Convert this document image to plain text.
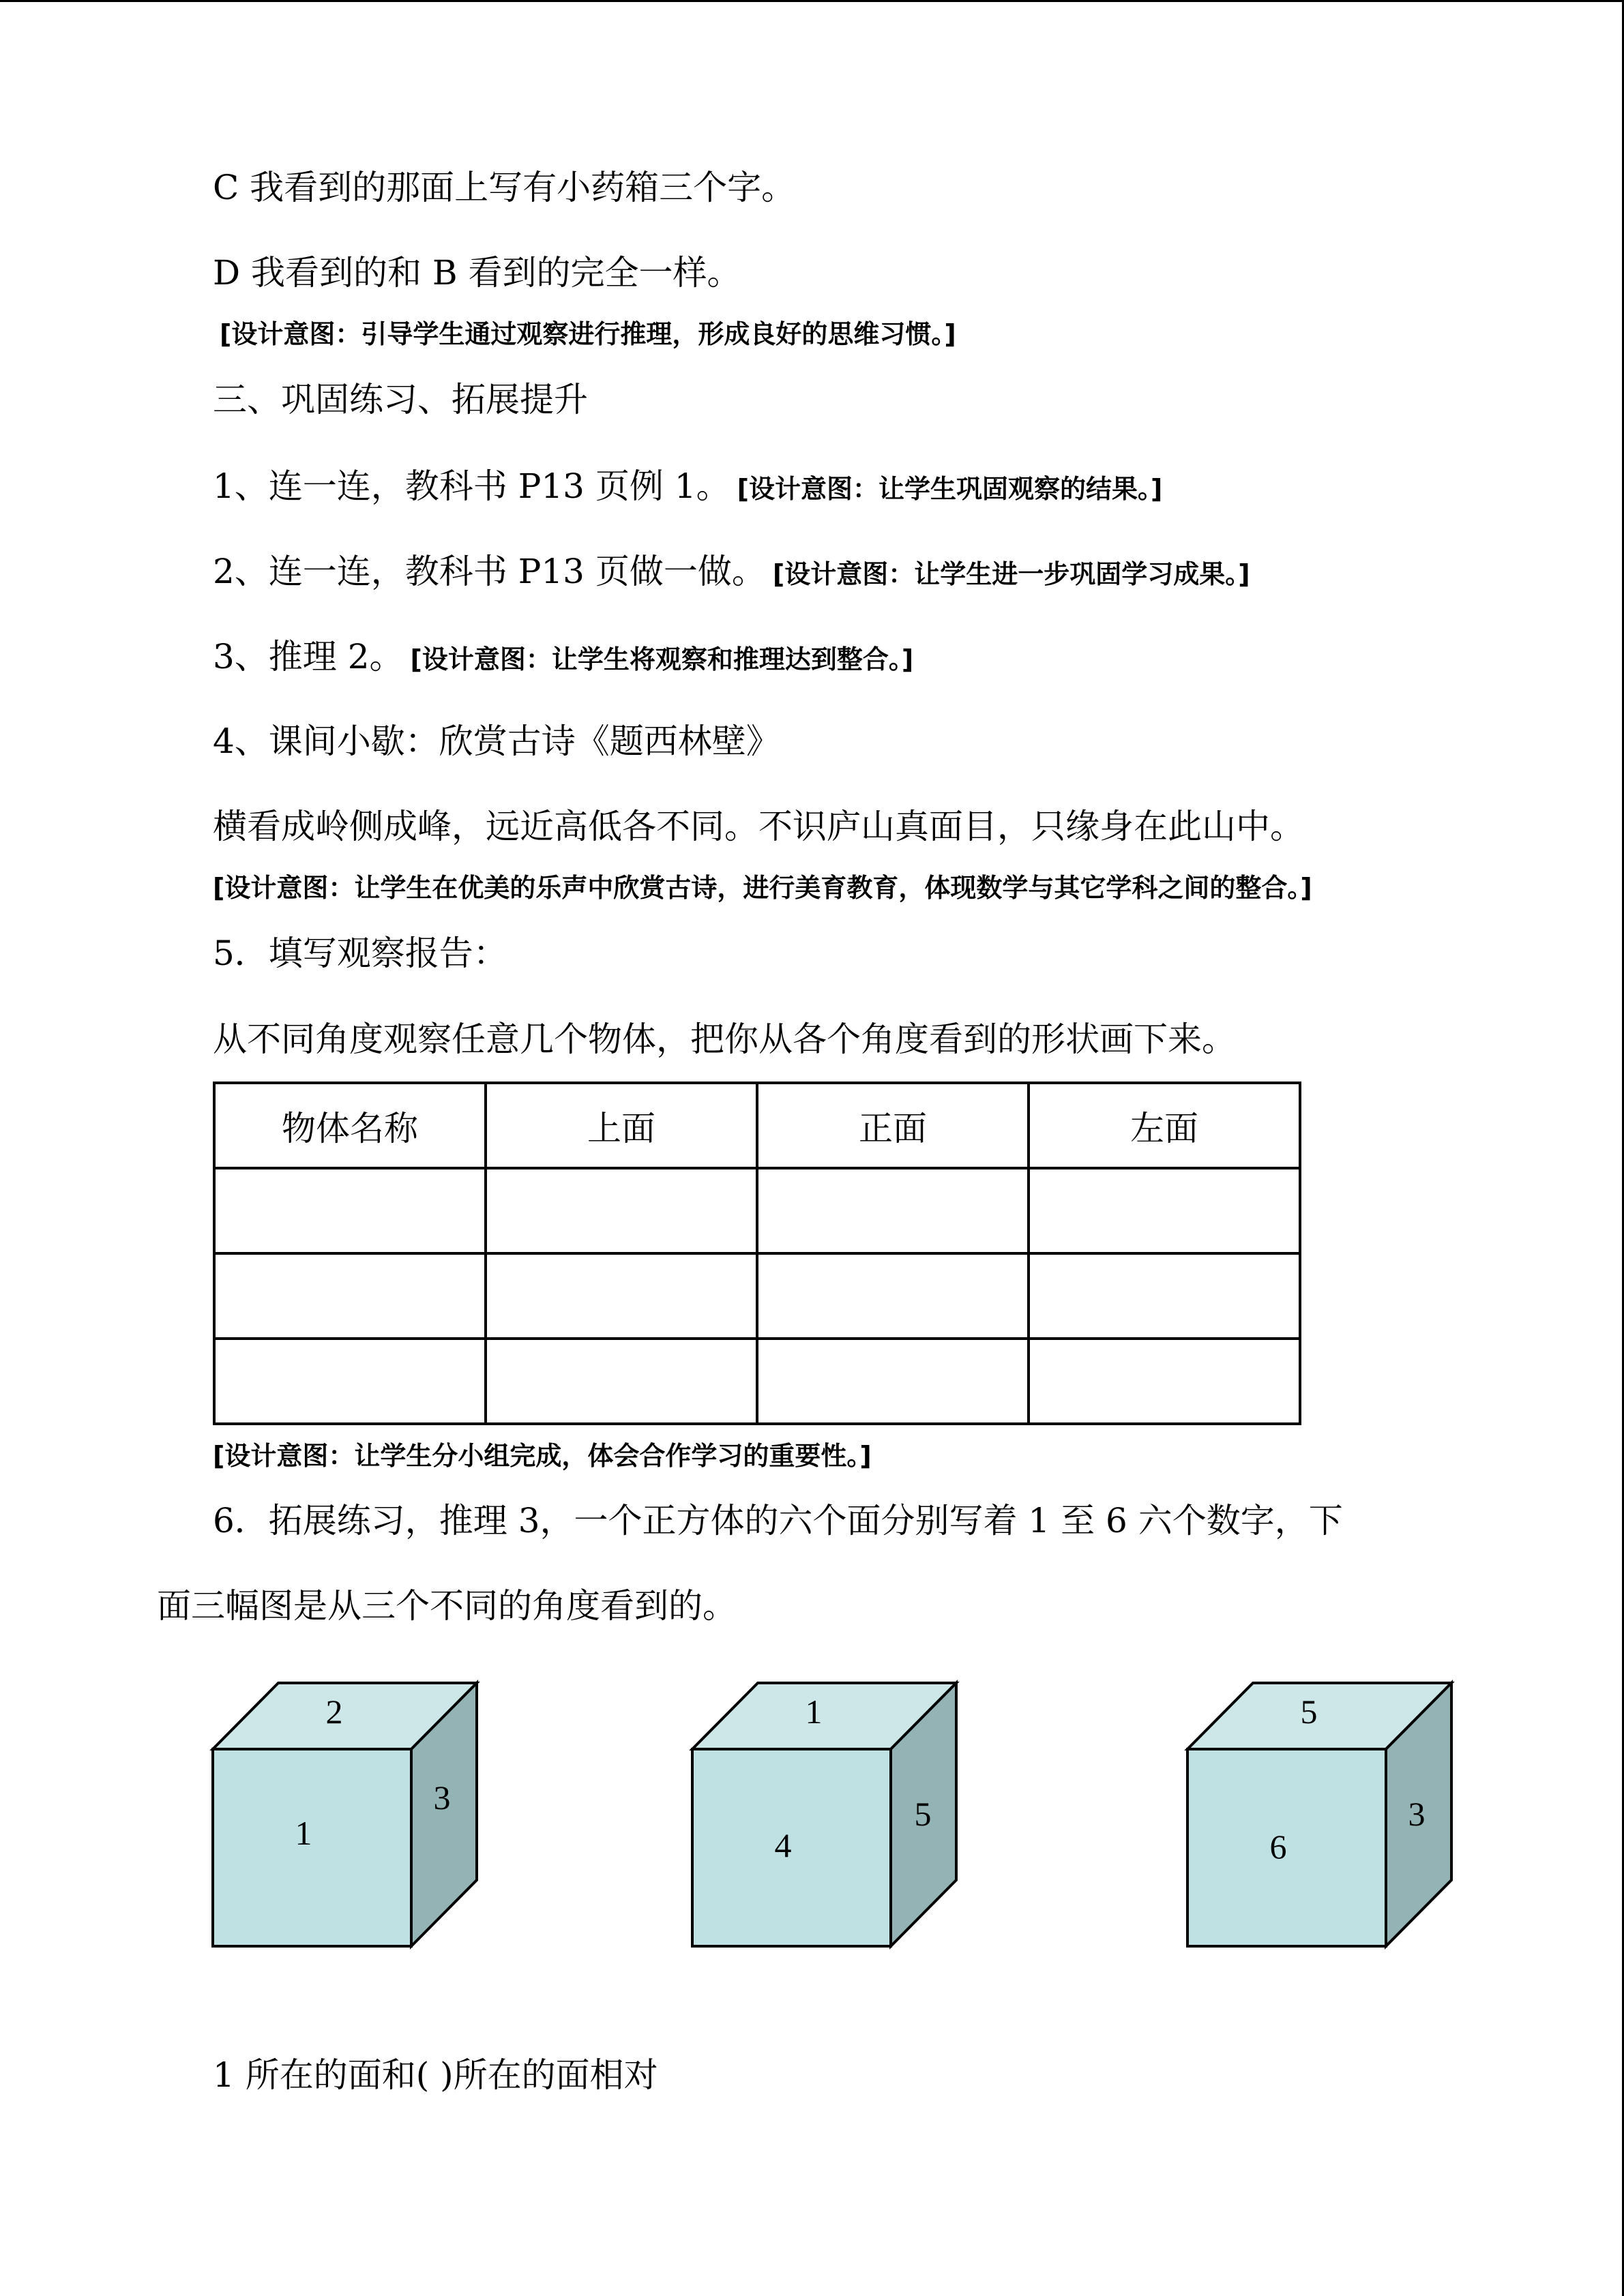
C 我看到的那面上写有小药箱三个字。
D 我看到的和 B 看到的完全一样。
[设计意图：引导学生通过观察进行推理，形成良好的思维习惯。]
三、巩固练习、拓展提升
1、连一连，教科书 P13 页例 1。 [设计意图：让学生巩固观察的结果。]
2、连一连，教科书 P13 页做一做。 [设计意图：让学生进一步巩固学习成果。]
3、推理 2。 [设计意图：让学生将观察和推理达到整合。]
4、课间小歇：欣赏古诗《题西林壁》
横看成岭侧成峰，远近高低各不同。不识庐山真面目，只缘身在此山中。
[设计意图：让学生在优美的乐声中欣赏古诗，进行美育教育，体现数学与其它学科之间的整合。]
5．填写观察报告：
从不同角度观察任意几个物体，把你从各个角度看到的形状画下来。
物体名称	上面	正面	左面

[设计意图：让学生分小组完成，体会合作学习的重要性。]
6．拓展练习，推理 3，一个正方体的六个面分别写着 1 至 6 六个数字，下
面三幅图是从三个不同的角度看到的。
2
1
3
1
4
5
5
6
3
1 所在的面和( )所在的面相对
